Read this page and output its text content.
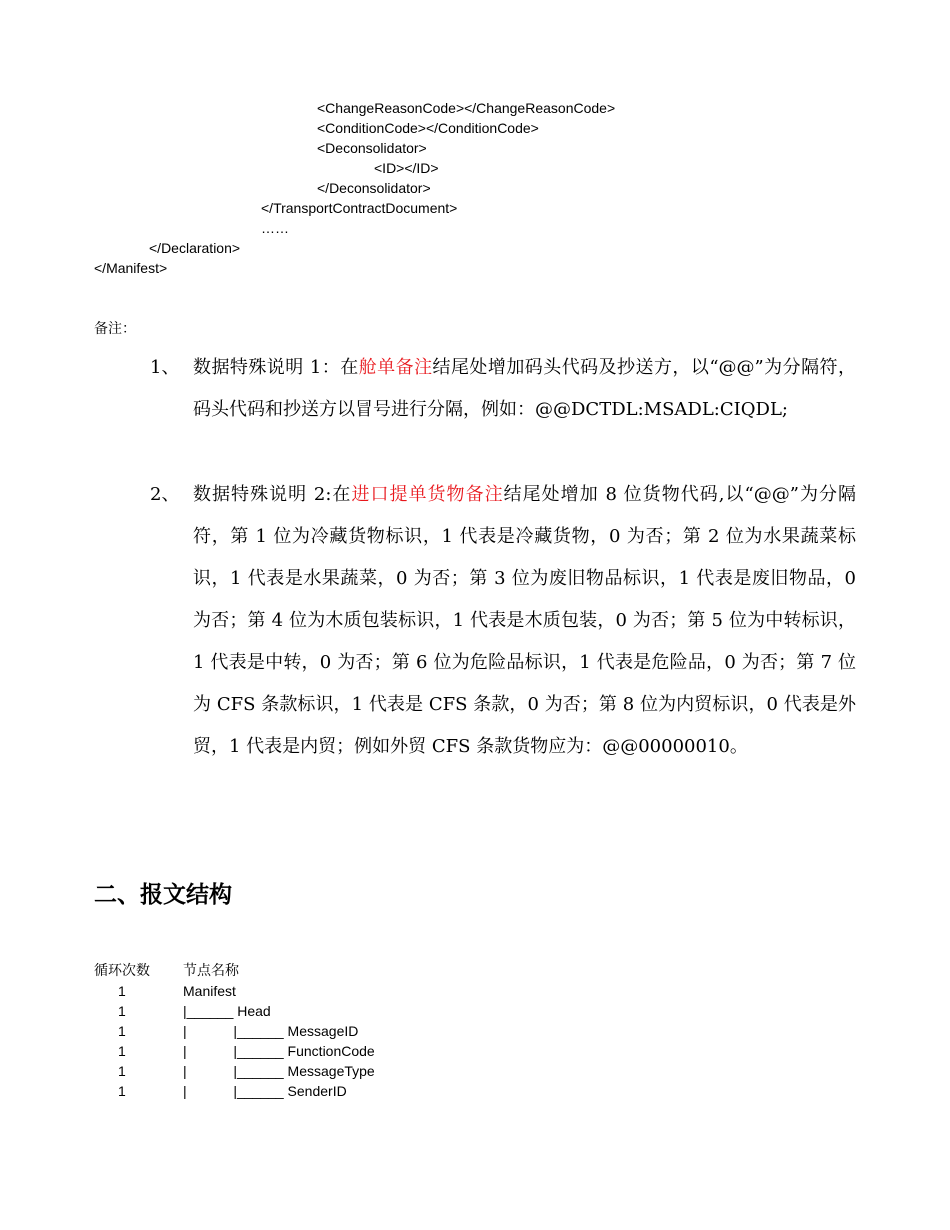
<ChangeReasonCode></ChangeReasonCode>
<ConditionCode></ConditionCode>
<Deconsolidator>
<ID></ID>
</Deconsolidator>
</TransportContractDocument>
……
</Declaration>
</Manifest>
备注：
1、 数据特殊说明 1：在舱单备注结尾处增加码头代码及抄送方，以“@@”为分隔符，码头代码和抄送方以冒号进行分隔，例如：@@DCTDL:MSADL:CIQDL;
2、 数据特殊说明 2:在进口提单货物备注结尾处增加 8 位货物代码,以“@@”为分隔符，第 1 位为冷藏货物标识，1 代表是冷藏货物，0 为否；第 2 位为水果蔬菜标识，1 代表是水果蔬菜，0 为否；第 3 位为废旧物品标识，1 代表是废旧物品，0 为否；第 4 位为木质包装标识，1 代表是木质包装，0 为否；第 5 位为中转标识，1 代表是中转，0 为否；第 6 位为危险品标识，1 代表是危险品，0 为否；第 7 位为 CFS 条款标识，1 代表是 CFS 条款，0 为否；第 8 位为内贸标识，0 代表是外贸，1 代表是内贸；例如外贸 CFS 条款货物应为：@@00000010。
二、报文结构
循环次数 节点名称
1	Manifest
1	|______ Head
1	|            |______ MessageID
1	|            |______ FunctionCode
1	|            |______ MessageType
1	|            |______ SenderID
